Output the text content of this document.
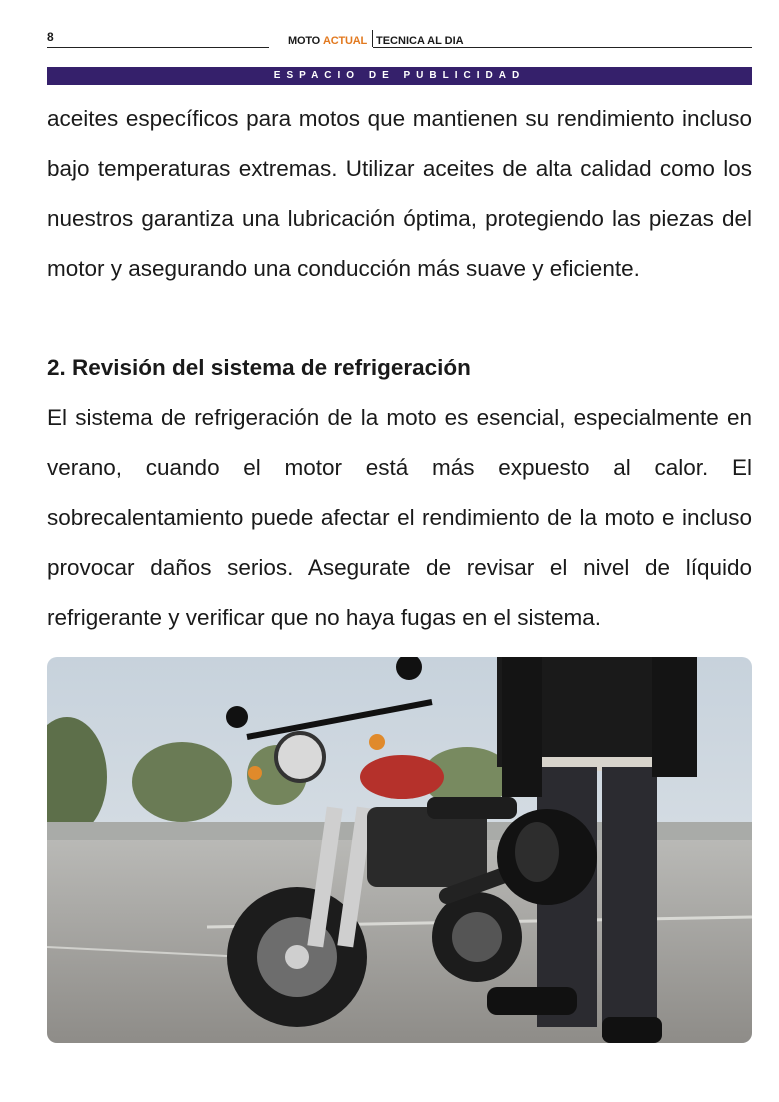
8	MOTO ACTUAL TECNICA AL DIA
ESPACIO DE PUBLICIDAD

aceites específicos para motos que mantienen su rendimiento incluso bajo temperaturas extremas. Utilizar aceites de alta calidad como los nuestros garantiza una lubricación óptima, protegiendo las piezas del motor y asegurando una conducción más suave y eficiente.

2. Revisión del sistema de refrigeración

El sistema de refrigeración de la moto es esencial, especialmente en verano, cuando el motor está más expuesto al calor. El sobrecalentamiento puede afectar el rendimiento de la moto e incluso provocar daños serios. Asegurate de revisar el nivel de líquido refrigerante y verificar que no haya fugas en el sistema.
